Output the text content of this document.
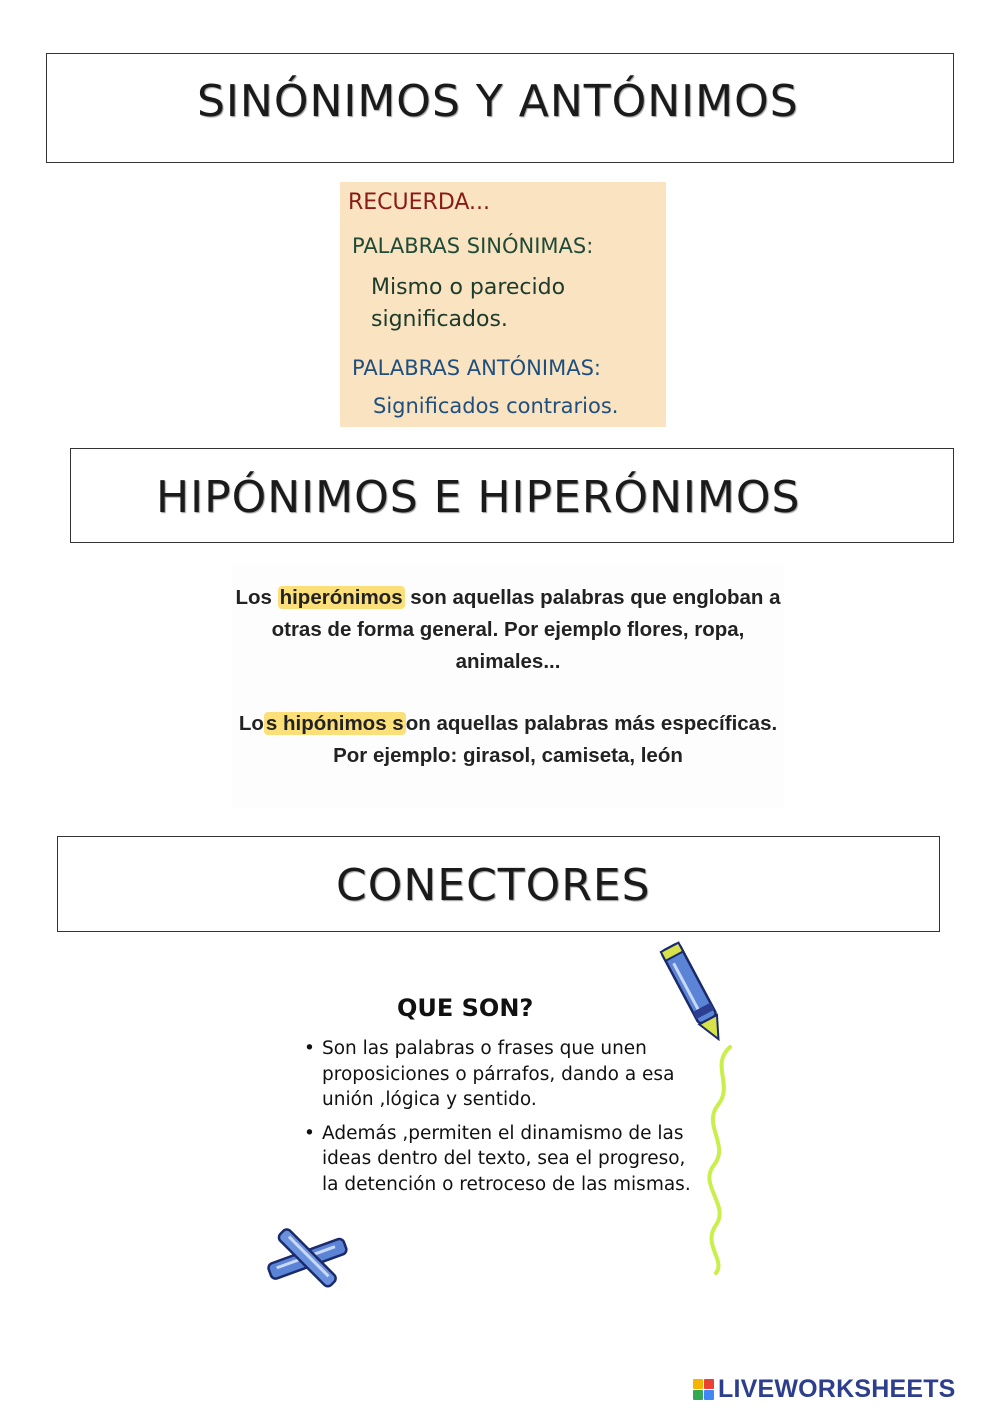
SINÓNIMOS Y ANTÓNIMOS
RECUERDA...
PALABRAS SINÓNIMAS:
Mismo o parecido significados.
PALABRAS ANTÓNIMAS:
Significados contrarios.
HIPÓNIMOS E HIPERÓNIMOS

Los hiperónimos son aquellas palabras que engloban a otras de forma general. Por ejemplo flores, ropa, animales...

Los hipónimos son aquellas palabras más específicas. Por ejemplo: girasol, camiseta, león

CONECTORES
QUE SON?
• Son las palabras o frases que unen proposiciones o párrafos, dando a esa unión ,lógica y sentido.
• Además ,permiten el dinamismo de las ideas dentro del texto, sea el progreso, la detención o retroceso de las mismas.
LIVEWORKSHEETS
